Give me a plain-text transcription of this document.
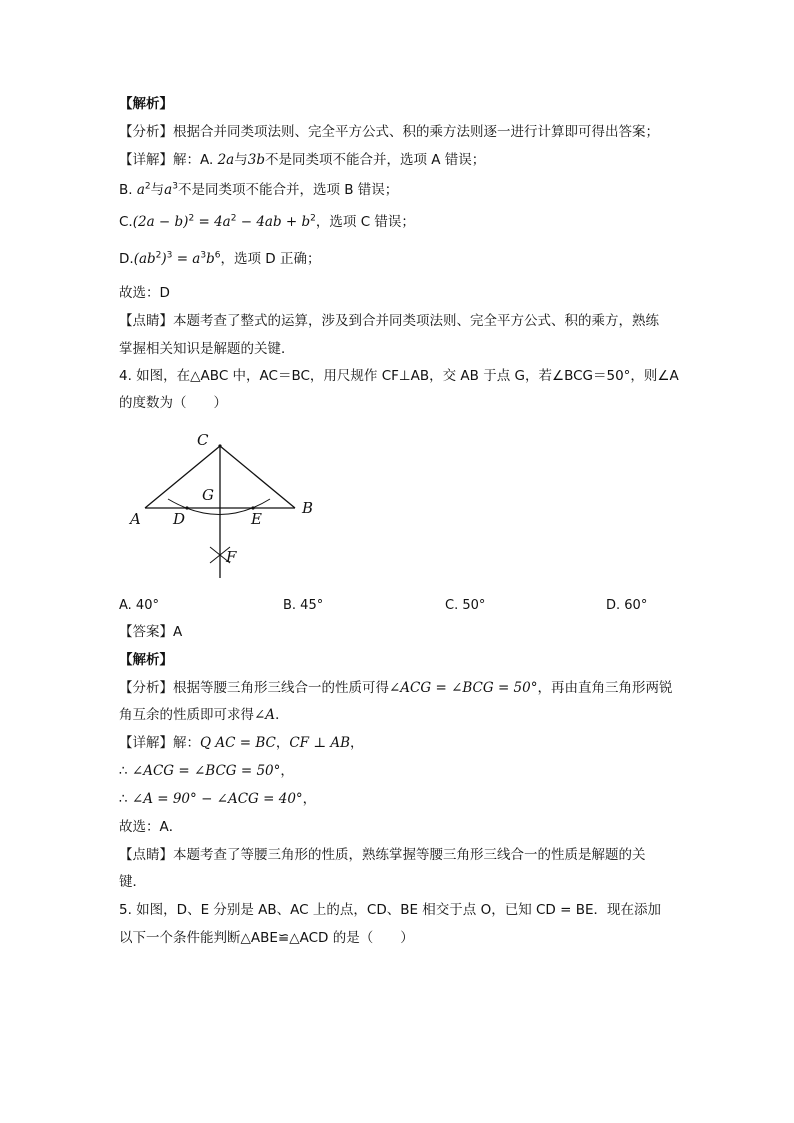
【解析】
【分析】根据合并同类项法则、完全平方公式、积的乘方法则逐一进行计算即可得出答案；
【详解】解：A. 2a与3b不是同类项不能合并，选项 A 错误；
B. $a^2$与$a^3$不是同类项不能合并，选项 B 错误；
$C.(2a - b)^2 = 4a^2 - 4ab + b^2$，选项 C 错误；
$D.(ab^2)^3 = a^3b^6$，选项 D 正确；
故选：D
【点睛】本题考查了整式的运算，涉及到合并同类项法则、完全平方公式、积的乘方，熟练
掌握相关知识是解题的关键．
4. 如图，在△ABC 中，AC＝BC，用尺规作 CF⊥AB，交 AB 于点 G，若∠BCG＝50°，则∠A
的度数为（　　）
C
G
A D	E
B
F
A. 40°	B. 45°	C. 50°	D. 60°
【答案】A
【解析】
【分析】根据等腰三角形三线合一的性质可得∠ACG = ∠BCG = 50°，再由直角三角形两锐
角互余的性质即可求得∠A．
【详解】解：Q AC = BC，CF ⊥ AB，
∴ ∠ACG = ∠BCG = 50°，
∴ ∠A = 90° − ∠ACG = 40°，
故选：A．
【点睛】本题考查了等腰三角形的性质，熟练掌握等腰三角形三线合一的性质是解题的关
键．
5. 如图，D、E 分别是 AB、AC 上的点，CD、BE 相交于点 O，已知 CD = BE．现在添加
以下一个条件能判断△ABE≌△ACD 的是（　　）
